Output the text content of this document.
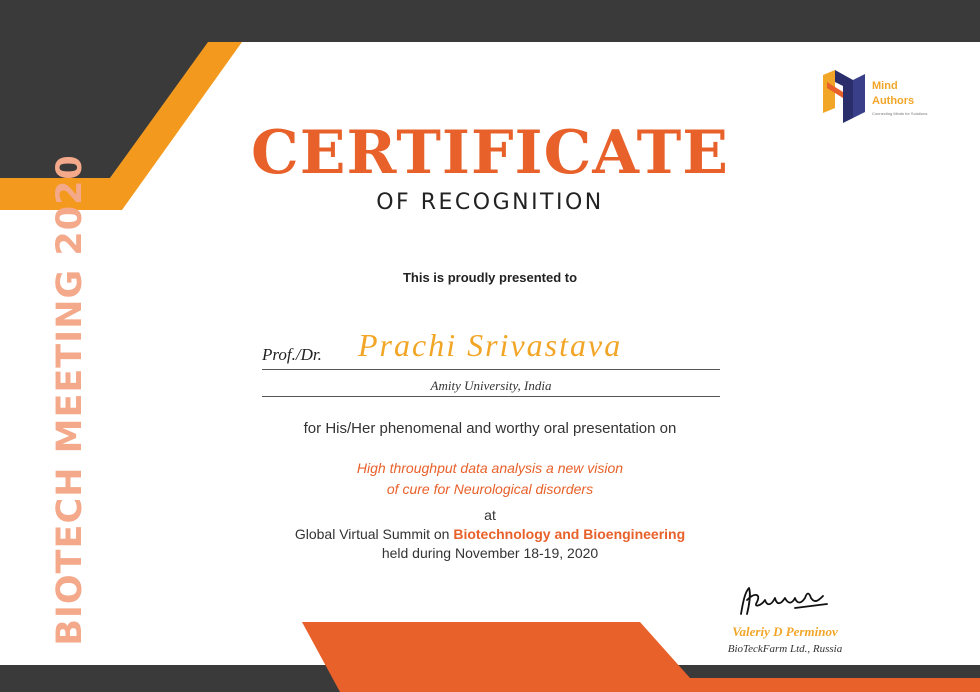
Mind
Authors
Connecting Minds for Solutions
BIOTECH MEETING 2020
CERTIFICATE
OF RECOGNITION
This is proudly presented to
Prof./Dr. Prachi Srivastava
Amity University, India
for His/Her phenomenal and worthy oral presentation on
High throughput data analysis a new vision
of cure for Neurological disorders
at
Global Virtual Summit on Biotechnology and Bioengineering
held during November 18-19, 2020
Valeriy D Perminov
BioTeckFarm Ltd., Russia
